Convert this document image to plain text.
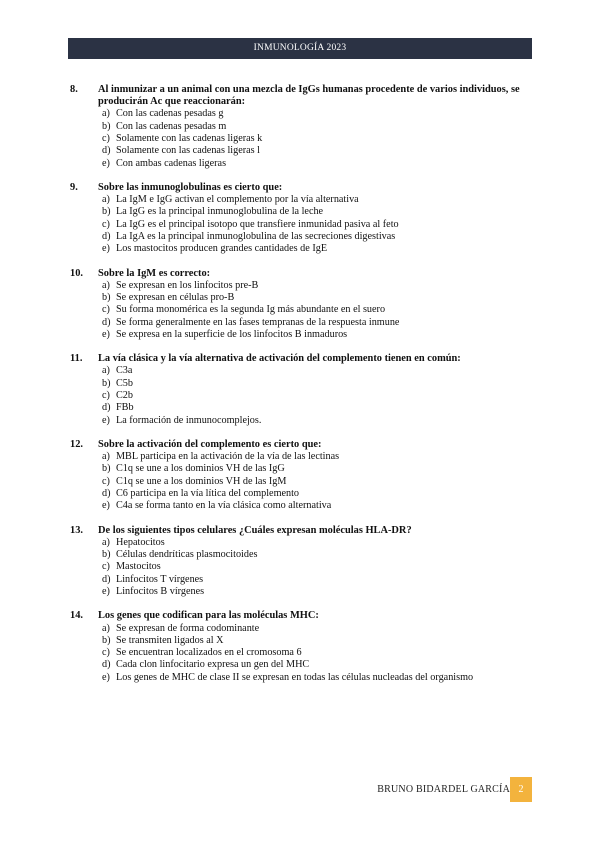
INMUNOLOGÍA 2023
8.	Al inmunizar a un animal con una mezcla de IgGs humanas procedente de varios individuos, se producirán Ac que reaccionarán:
a) Con las cadenas pesadas g
b) Con las cadenas pesadas m
c) Solamente con las cadenas ligeras k
d) Solamente con las cadenas ligeras l
e) Con ambas cadenas ligeras
9.	Sobre las inmunoglobulinas es cierto que:
a) La IgM e IgG activan el complemento por la vía alternativa
b) La IgG es la principal inmunoglobulina de la leche
c) La IgG es el principal isotopo que transfiere inmunidad pasiva al feto
d) La IgA es la principal inmunoglobulina de las secreciones digestivas
e) Los mastocitos producen grandes cantidades de IgE
10.	Sobre la IgM es correcto:
a) Se expresan en los linfocitos pre-B
b) Se expresan en células pro-B
c) Su forma monomérica es la segunda Ig más abundante en el suero
d) Se forma generalmente en las fases tempranas de la respuesta inmune
e) Se expresa en la superficie de los linfocitos B inmaduros
11.	La vía clásica y la vía alternativa de activación del complemento tienen en común:
a) C3a
b) C5b
c) C2b
d) FBb
e) La formación de inmunocomplejos.
12.	Sobre la activación del complemento es cierto que:
a) MBL participa en la activación de la vía de las lectinas
b) C1q se une a los dominios VH de las IgG
c) C1q se une a los dominios VH de las IgM
d) C6 participa en la vía lítica del complemento
e) C4a se forma tanto en la vía clásica como alternativa
13.	De los siguientes tipos celulares ¿Cuáles expresan moléculas HLA-DR?
a) Hepatocitos
b) Células dendríticas plasmocitoides
c) Mastocitos
d) Linfocitos T vírgenes
e) Linfocitos B vírgenes
14.	Los genes que codifican para las moléculas MHC:
a) Se expresan de forma codominante
b) Se transmiten ligados al X
c) Se encuentran localizados en el cromosoma 6
d) Cada clon linfocitario expresa un gen del MHC
e) Los genes de MHC de clase II se expresan en todas las células nucleadas del organismo
BRUNO BIDARDEL GARCÍA 2
